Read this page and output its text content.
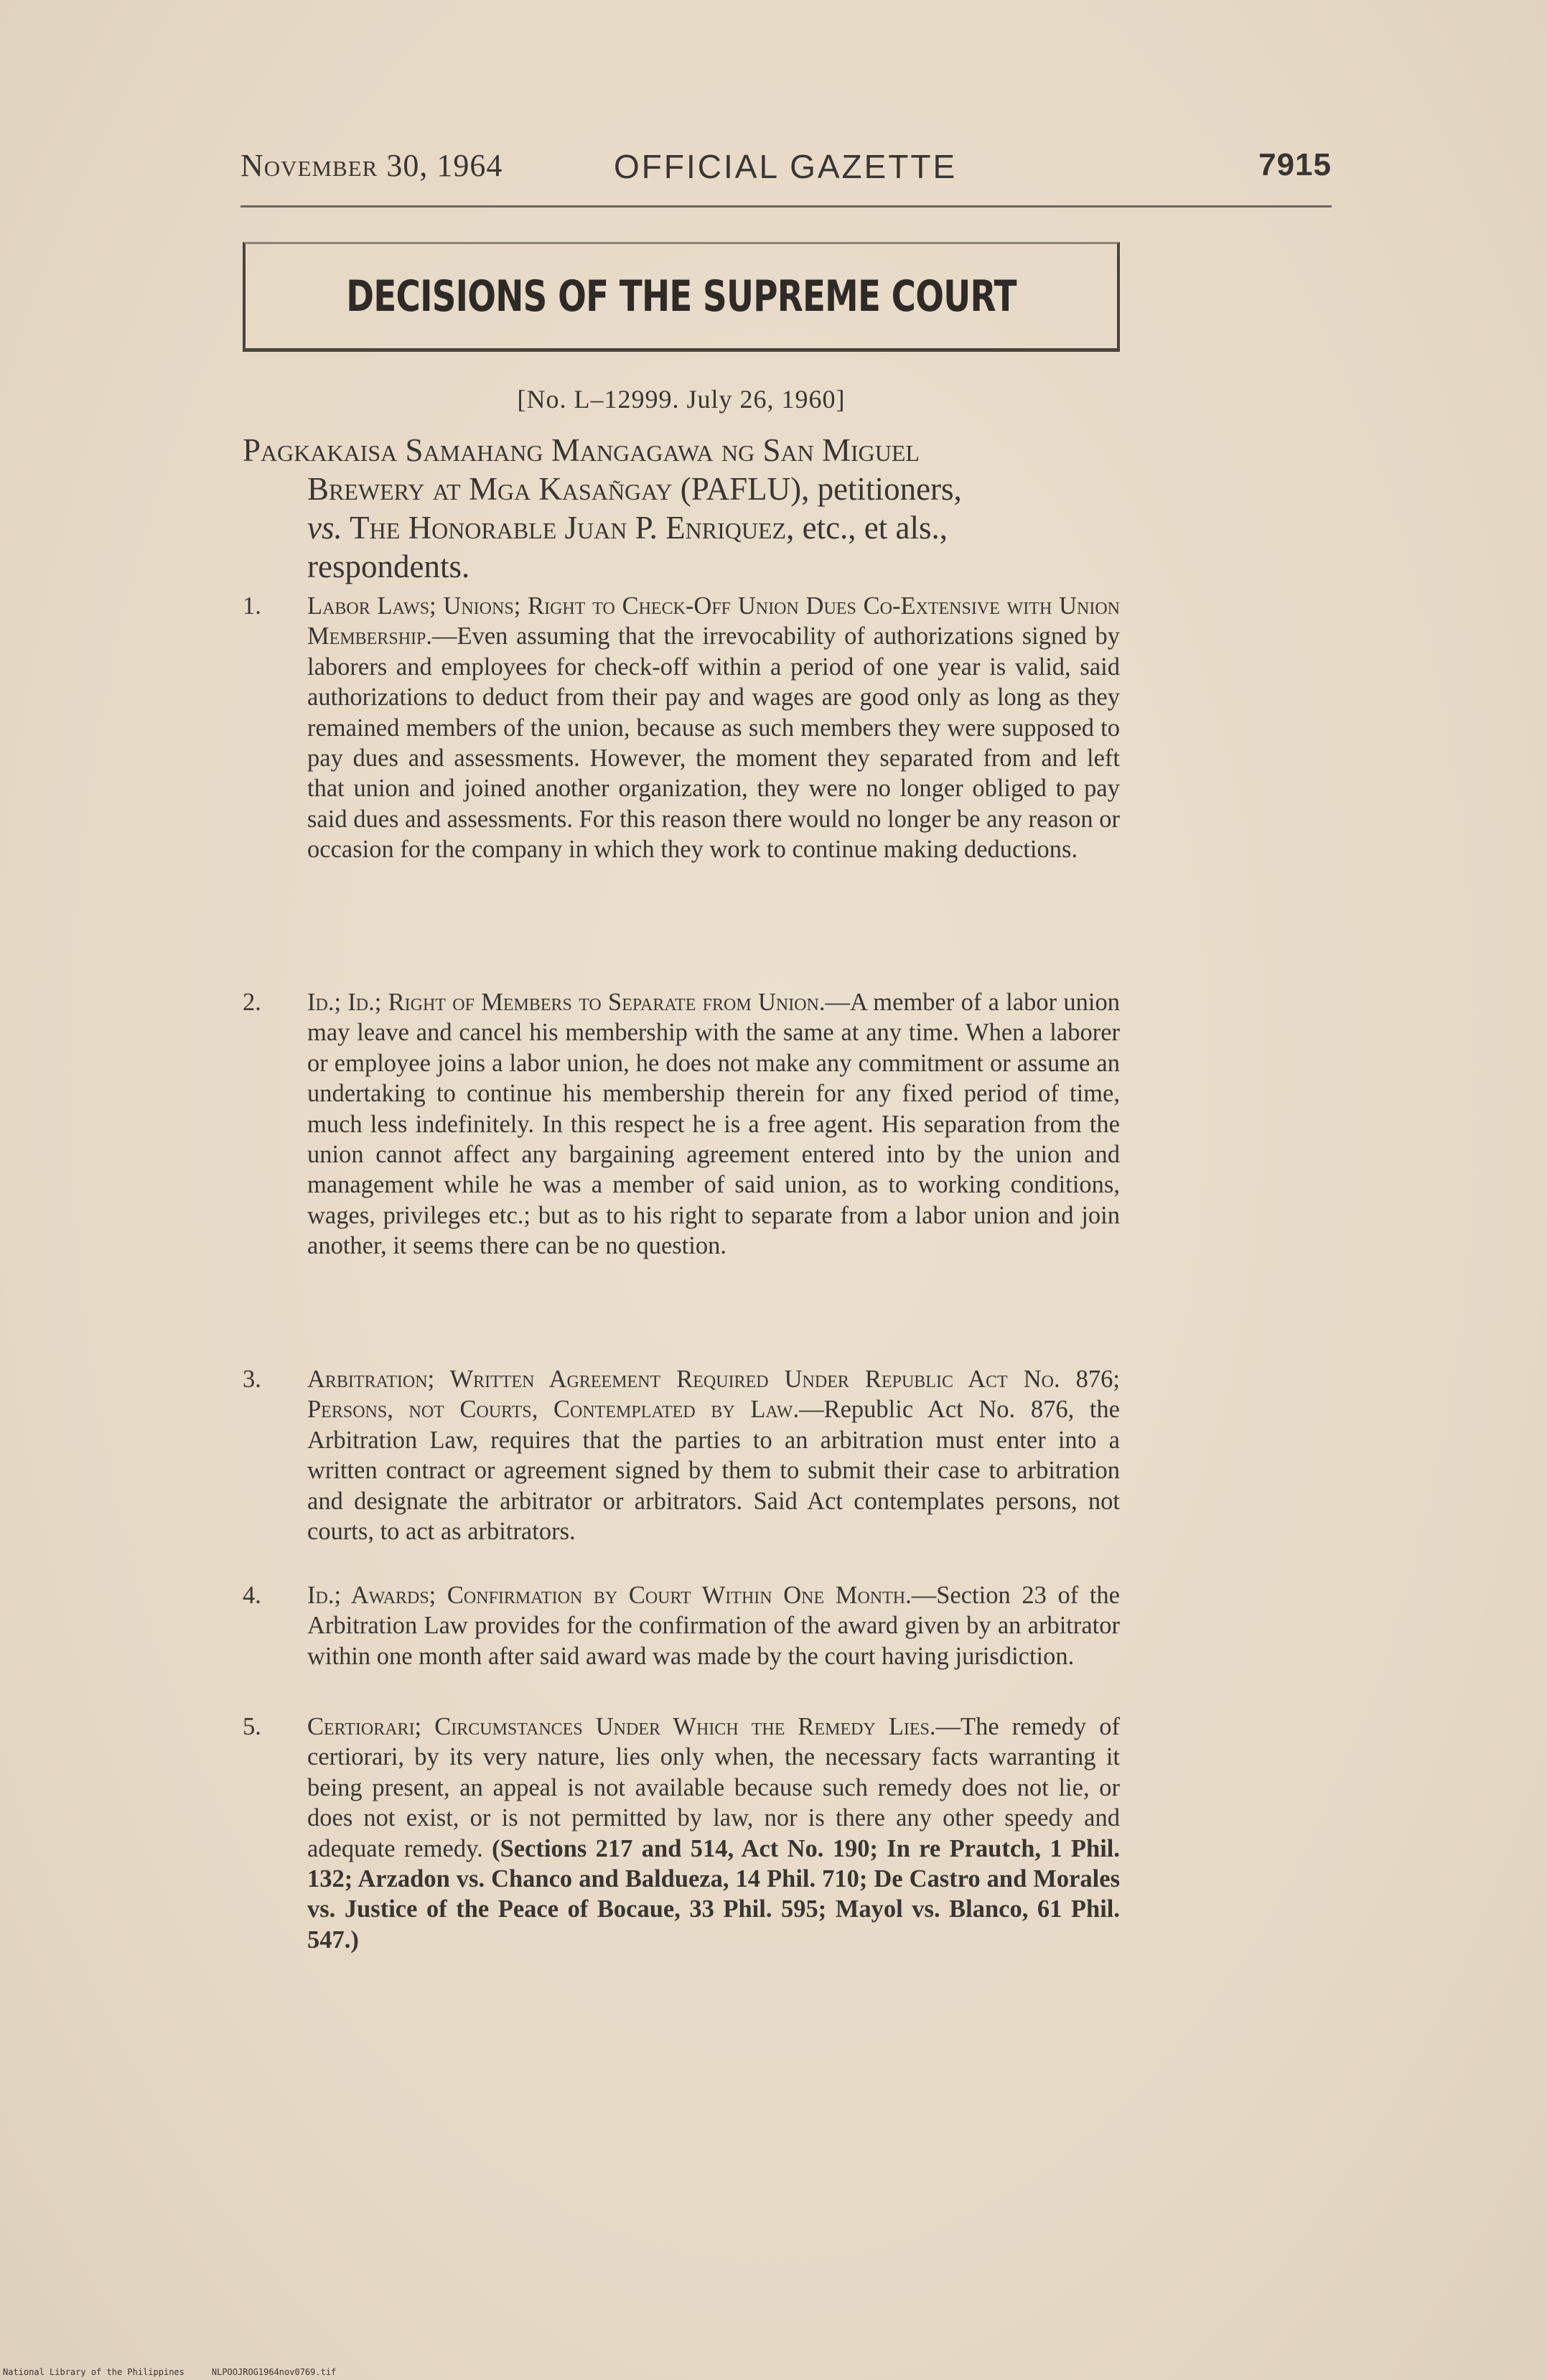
November 30, 1964	OFFICIAL GAZETTE	7915
DECISIONS OF THE SUPREME COURT
[No. L–12999. July 26, 1960]
Pagkakaisa Samahang Mangagawa ng San Miguel
Brewery at Mga Kasañgay (PAFLU), petitioners,
vs. The Honorable Juan P. Enriquez, etc., et als.,
respondents.
1. Labor Laws; Unions; Right to Check-Off Union Dues Co-Extensive with Union Membership.—Even assuming that the irrevocability of authorizations signed by laborers and employees for check-off within a period of one year is valid, said authorizations to deduct from their pay and wages are good only as long as they remained members of the union, because as such members they were supposed to pay dues and assessments. However, the moment they separated from and left that union and joined another organization, they were no longer obliged to pay said dues and assessments. For this reason there would no longer be any reason or occasion for the company in which they work to continue making deductions.
2. Id.; Id.; Right of Members to Separate from Union.—A member of a labor union may leave and cancel his membership with the same at any time. When a laborer or employee joins a labor union, he does not make any commitment or assume an undertaking to continue his membership therein for any fixed period of time, much less indefinitely. In this respect he is a free agent. His separation from the union cannot affect any bargaining agreement entered into by the union and management while he was a member of said union, as to working conditions, wages, privileges etc.; but as to his right to separate from a labor union and join another, it seems there can be no question.
3. Arbitration; Written Agreement Required Under Republic Act No. 876; Persons, not Courts, Contemplated by Law.—Republic Act No. 876, the Arbitration Law, requires that the parties to an arbitration must enter into a written contract or agreement signed by them to submit their case to arbitration and designate the arbitrator or arbitrators. Said Act contemplates persons, not courts, to act as arbitrators.
4. Id.; Awards; Confirmation by Court Within One Month.—Section 23 of the Arbitration Law provides for the confirmation of the award given by an arbitrator within one month after said award was made by the court having jurisdiction.
5. Certiorari; Circumstances Under Which the Remedy Lies.—The remedy of certiorari, by its very nature, lies only when, the necessary facts warranting it being present, an appeal is not available because such remedy does not lie, or does not exist, or is not permitted by law, nor is there any other speedy and adequate remedy. (Sections 217 and 514, Act No. 190; In re Prautch, 1 Phil. 132; Arzadon vs. Chanco and Baldueza, 14 Phil. 710; De Castro and Morales vs. Justice of the Peace of Bocaue, 33 Phil. 595; Mayol vs. Blanco, 61 Phil. 547.)
National Library of the Philippines	NLPOOJROG1964nov0769.tif
